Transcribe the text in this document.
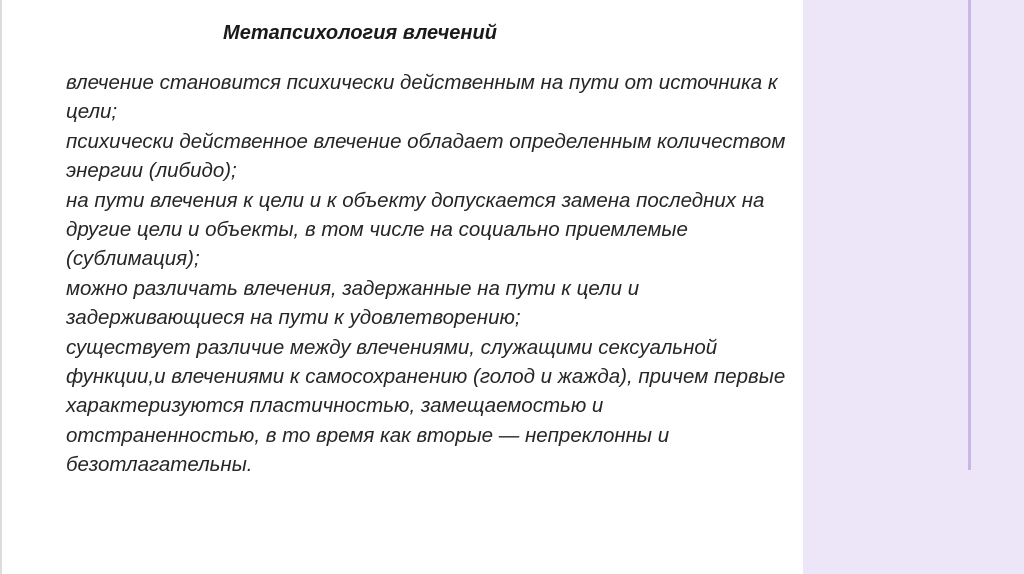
Метапсихология влечений

влечение становится психически действенным на пути от источника к цели;

психически действенное влечение обладает определенным количеством энергии (либидо);

на пути влечения к цели и к объекту допускается замена последних на другие цели и объекты, в том числе на социально приемлемые (сублимация);

можно различать влечения, задержанные на пути к цели и задерживающиеся на пути к удовлетворению;

существует различие между влечениями, служащими сексуальной функции,и влечениями к самосохранению (голод и жажда), причем первые характеризуются пластичностью, замещаемостью и отстраненностью, в то время как вторые — непреклонны и безотлагательны.
